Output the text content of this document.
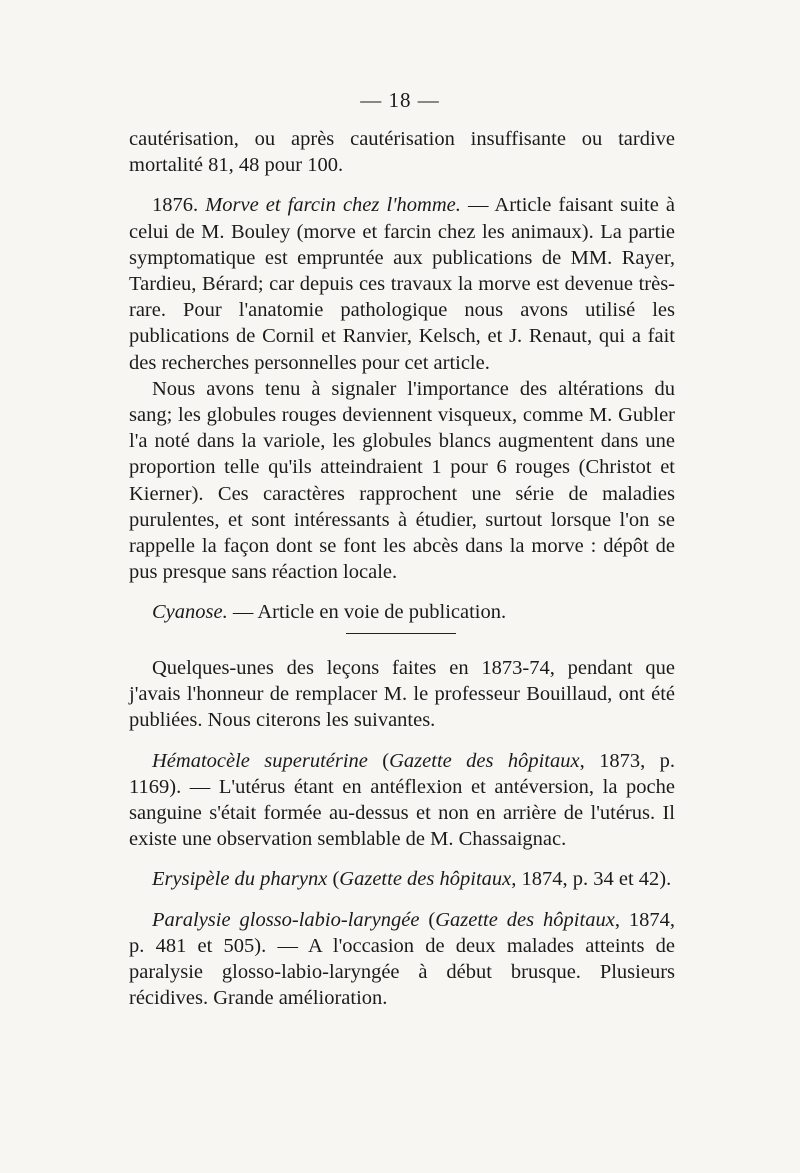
— 18 —

cautérisation, ou après cautérisation insuffisante ou tardive mortalité 81, 48 pour 100.

1876. Morve et farcin chez l'homme. — Article faisant suite à celui de M. Bouley (morve et farcin chez les animaux). La partie symptomatique est empruntée aux publications de MM. Rayer, Tardieu, Bérard; car depuis ces travaux la morve est devenue très-rare. Pour l'anatomie pathologique nous avons utilisé les publications de Cornil et Ranvier, Kelsch, et J. Renaut, qui a fait des recherches personnelles pour cet article.

Nous avons tenu à signaler l'importance des altérations du sang; les globules rouges deviennent visqueux, comme M. Gubler l'a noté dans la variole, les globules blancs augmentent dans une proportion telle qu'ils atteindraient 1 pour 6 rouges (Christot et Kierner). Ces caractères rapprochent une série de maladies purulentes, et sont intéressants à étudier, surtout lorsque l'on se rappelle la façon dont se font les abcès dans la morve : dépôt de pus presque sans réaction locale.

Cyanose. — Article en voie de publication.

Quelques-unes des leçons faites en 1873-74, pendant que j'avais l'honneur de remplacer M. le professeur Bouillaud, ont été publiées. Nous citerons les suivantes.

Hématocèle superutérine (Gazette des hôpitaux, 1873, p. 1169). — L'utérus étant en antéflexion et antéversion, la poche sanguine s'était formée au-dessus et non en arrière de l'utérus. Il existe une observation semblable de M. Chassaignac.

Erysipèle du pharynx (Gazette des hôpitaux, 1874, p. 34 et 42).

Paralysie glosso-labio-laryngée (Gazette des hôpitaux, 1874, p. 481 et 505). — A l'occasion de deux malades atteints de paralysie glosso-labio-laryngée à début brusque. Plusieurs récidives. Grande amélioration.
